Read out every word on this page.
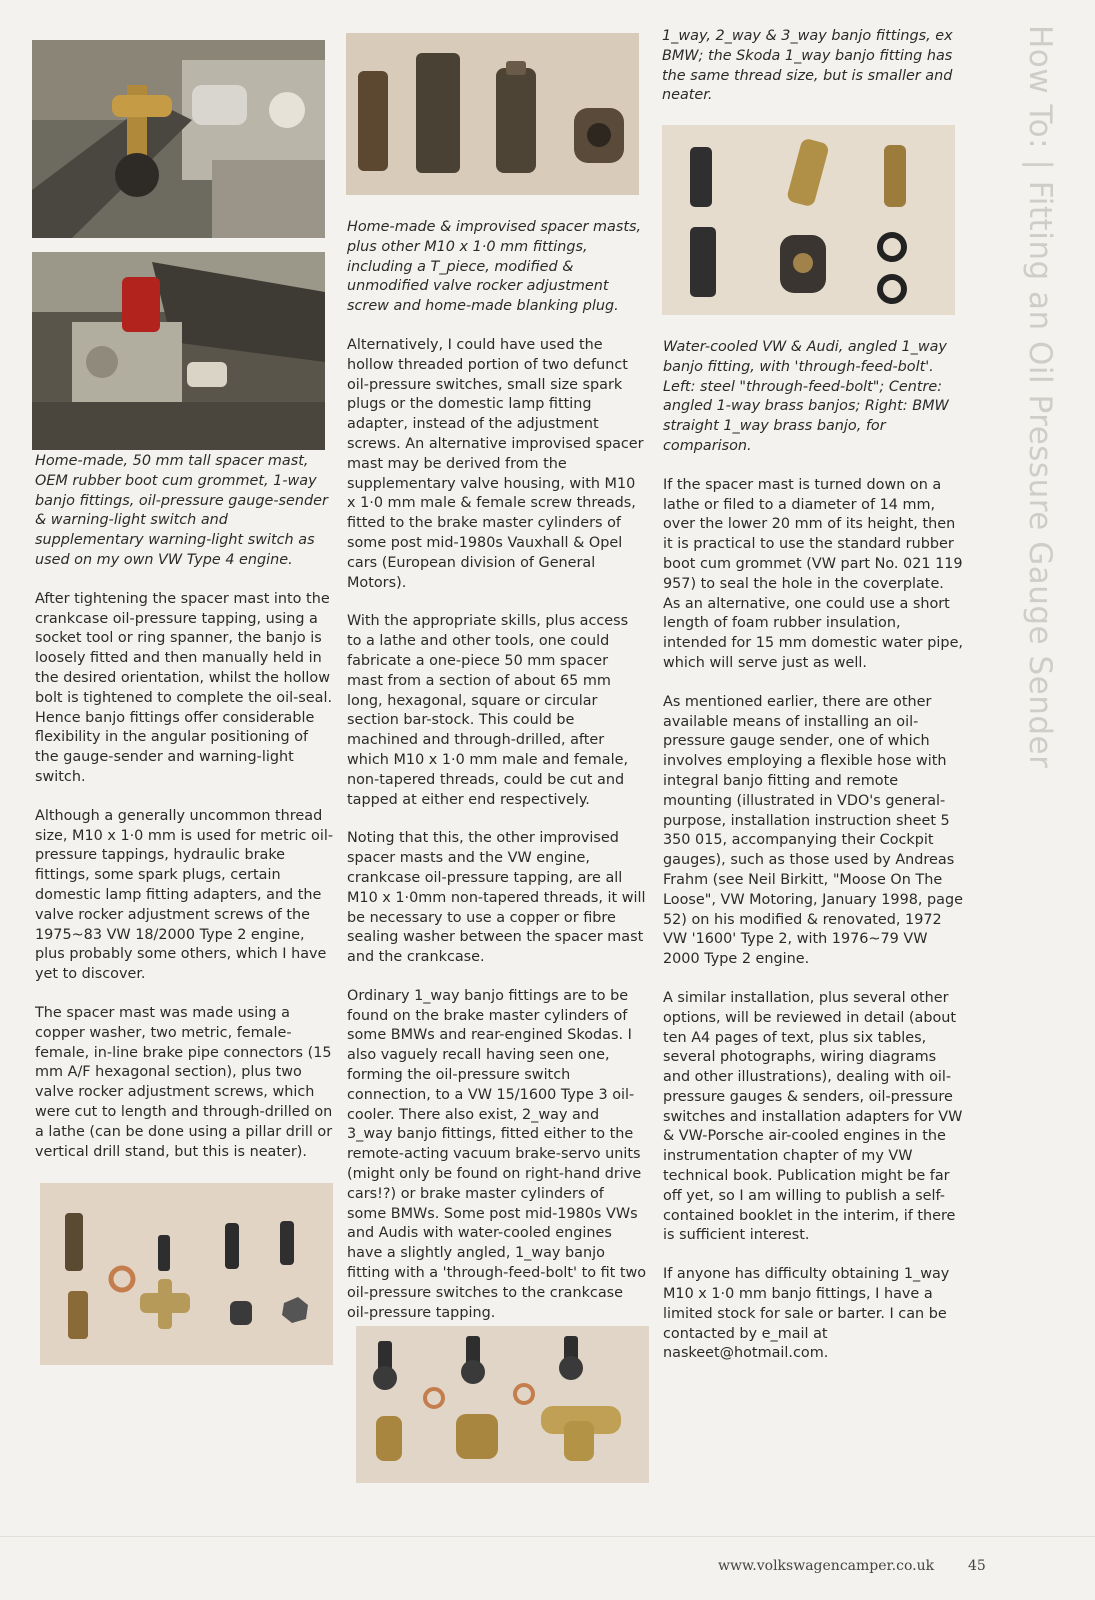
Home-made, 50 mm tall spacer mast, OEM rubber boot cum grommet, 1-way banjo fittings, oil-pressure gauge-sender & warning-light switch and supplementary warning-light switch as used on my own VW Type 4 engine.

After tightening the spacer mast into the crankcase oil-pressure tapping, using a socket tool or ring spanner, the banjo is loosely fitted and then manually held in the desired orientation, whilst the hollow bolt is tightened to complete the oil-seal. Hence banjo fittings offer considerable flexibility in the angular positioning of the gauge-sender and warning-light switch.

Although a generally uncommon thread size, M10 x 1·0 mm is used for metric oil-pressure tappings, hydraulic brake fittings, some spark plugs, certain domestic lamp fitting adapters, and the valve rocker adjustment screws of the 1975~83 VW 18/2000 Type 2 engine, plus probably some others, which I have yet to discover.

The spacer mast was made using a copper washer, two metric, female-female, in-line brake pipe connectors (15 mm A/F hexagonal section), plus two valve rocker adjustment screws, which were cut to length and through-drilled on a lathe (can be done using a pillar drill or vertical drill stand, but this is neater).

Home-made & improvised spacer masts, plus other M10 x 1·0 mm fittings, including a T_piece, modified & unmodified valve rocker adjustment screw and home-made blanking plug.

Alternatively, I could have used the hollow threaded portion of two defunct oil-pressure switches, small size spark plugs or the domestic lamp fitting adapter, instead of the adjustment screws. An alternative improvised spacer mast may be derived from the supplementary valve housing, with M10 x 1·0 mm male & female screw threads, fitted to the brake master cylinders of some post mid-1980s Vauxhall & Opel cars (European division of General Motors).

With the appropriate skills, plus access to a lathe and other tools, one could fabricate a one-piece 50 mm spacer mast from a section of about 65 mm long, hexagonal, square or circular section bar-stock. This could be machined and through-drilled, after which M10 x 1·0 mm male and female, non-tapered threads, could be cut and tapped at either end respectively.

Noting that this, the other improvised spacer masts and the VW engine, crankcase oil-pressure tapping, are all M10 x 1·0mm non-tapered threads, it will be necessary to use a copper or fibre sealing washer between the spacer mast and the crankcase.

Ordinary 1_way banjo fittings are to be found on the brake master cylinders of some BMWs and rear-engined Skodas. I also vaguely recall having seen one, forming the oil-pressure switch connection, to a VW 15/1600 Type 3 oil-cooler. There also exist, 2_way and 3_way banjo fittings, fitted either to the remote-acting vacuum brake-servo units (might only be found on right-hand drive cars!?) or brake master cylinders of some BMWs. Some post mid-1980s VWs and Audis with water-cooled engines have a slightly angled, 1_way banjo fitting with a 'through-feed-bolt' to fit two oil-pressure switches to the crankcase oil-pressure tapping.

1_way, 2_way & 3_way banjo fittings, ex BMW; the Skoda 1_way banjo fitting has the same thread size, but is smaller and neater.

Water-cooled VW & Audi, angled 1_way banjo fitting, with 'through-feed-bolt'. Left: steel "through-feed-bolt"; Centre: angled 1-way brass banjos; Right: BMW straight 1_way brass banjo, for comparison.

If the spacer mast is turned down on a lathe or filed to a diameter of 14 mm, over the lower 20 mm of its height, then it is practical to use the standard rubber boot cum grommet (VW part No. 021 119 957) to seal the hole in the coverplate. As an alternative, one could use a short length of foam rubber insulation, intended for 15 mm domestic water pipe, which will serve just as well.

As mentioned earlier, there are other available means of installing an oil-pressure gauge sender, one of which involves employing a flexible hose with integral banjo fitting and remote mounting (illustrated in VDO's general-purpose, installation instruction sheet 5 350 015, accompanying their Cockpit gauges), such as those used by Andreas Frahm (see Neil Birkitt, "Moose On The Loose", VW Motoring, January 1998, page 52) on his modified & renovated, 1972 VW '1600' Type 2, with 1976~79 VW 2000 Type 2 engine.

A similar installation, plus several other options, will be reviewed in detail (about ten A4 pages of text, plus six tables, several photographs, wiring diagrams and other illustrations), dealing with oil-pressure gauges & senders, oil-pressure switches and installation adapters for VW & VW-Porsche air-cooled engines in the instrumentation chapter of my VW technical book. Publication might be far off yet, so I am willing to publish a self-contained booklet in the interim, if there is sufficient interest.

If anyone has difficulty obtaining 1_way M10 x 1·0 mm banjo fittings, I have a limited stock for sale or barter. I can be contacted by e_mail at naskeet@hotmail.com.

How To: | Fitting an Oil Pressure Gauge Sender
www.volkswagencamper.co.uk 45
